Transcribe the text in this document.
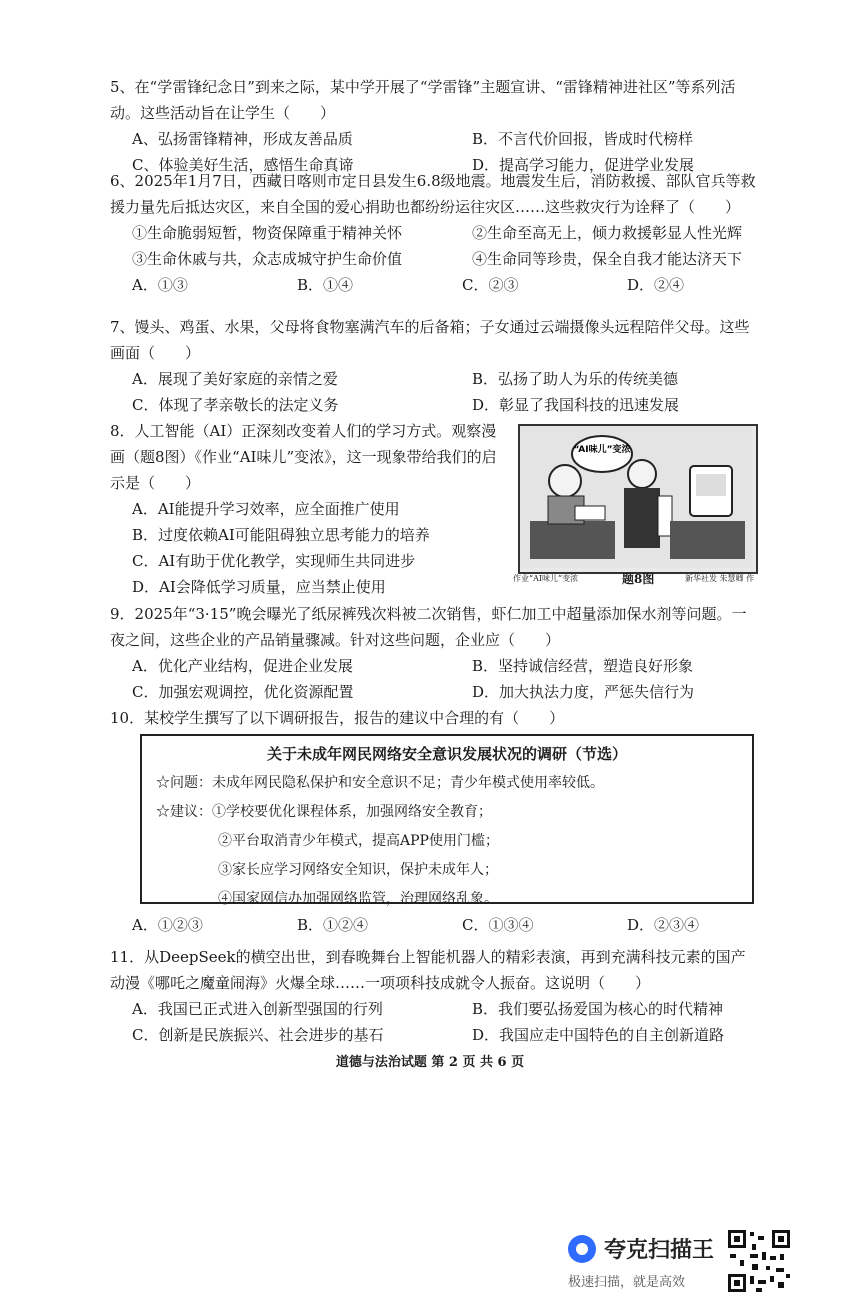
5、在“学雷锋纪念日”到来之际，某中学开展了“学雷锋”主题宣讲、“雷锋精神进社区”等系列活动。这些活动旨在让学生（　　）
A、弘扬雷锋精神，形成友善品质	B．不言代价回报，皆成时代榜样
C、体验美好生活，感悟生命真谛	D．提高学习能力，促进学业发展
6、2025年1月7日，西藏日喀则市定日县发生6.8级地震。地震发生后，消防救援、部队官兵等救援力量先后抵达灾区，来自全国的爱心捐助也都纷纷运往灾区……这些救灾行为诠释了（　　）
①生命脆弱短暂，物资保障重于精神关怀	②生命至高无上，倾力救援彰显人性光辉
③生命休戚与共，众志成城守护生命价值	④生命同等珍贵，保全自我才能达济天下
A．①③	B．①④	C．②③	D．②④
7、馒头、鸡蛋、水果，父母将食物塞满汽车的后备箱；子女通过云端摄像头远程陪伴父母。这些画面（　　）
A．展现了美好家庭的亲情之爱	B．弘扬了助人为乐的传统美德
C．体现了孝亲敬长的法定义务	D．彰显了我国科技的迅速发展
8．人工智能（AI）正深刻改变着人们的学习方式。观察漫画（题8图）《作业“AI味儿”变浓》，这一现象带给我们的启示是（　　）
A．AI能提升学习效率，应全面推广使用
B．过度依赖AI可能阻碍独立思考能力的培养
C．AI有助于优化教学，实现师生共同进步
D．AI会降低学习质量，应当禁止使用
“AI味儿”变浓
作业“AI味儿”变浓	题8图	新华社发 朱慧卿 作
9．2025年“3·15”晚会曝光了纸尿裤残次料被二次销售，虾仁加工中超量添加保水剂等问题。一夜之间，这些企业的产品销量骤减。针对这些问题，企业应（　　）
A．优化产业结构，促进企业发展	B．坚持诚信经营，塑造良好形象
C．加强宏观调控，优化资源配置	D．加大执法力度，严惩失信行为
10．某校学生撰写了以下调研报告，报告的建议中合理的有（　　）
关于未成年网民网络安全意识发展状况的调研（节选）
☆问题：未成年网民隐私保护和安全意识不足；青少年模式使用率较低。
☆建议：①学校要优化课程体系，加强网络安全教育；
②平台取消青少年模式，提高APP使用门槛；
③家长应学习网络安全知识，保护未成年人；
④国家网信办加强网络监管，治理网络乱象。
A．①②③	B．①②④	C．①③④	D．②③④
11．从DeepSeek的横空出世，到春晚舞台上智能机器人的精彩表演，再到充满科技元素的国产动漫《哪吒之魔童闹海》火爆全球……一项项科技成就令人振奋。这说明（　　）
A．我国已正式进入创新型强国的行列	B．我们要弘扬爱国为核心的时代精神
C．创新是民族振兴、社会进步的基石	D．我国应走中国特色的自主创新道路
道德与法治试题 第 2 页 共 6 页
夸克扫描王
极速扫描，就是高效
